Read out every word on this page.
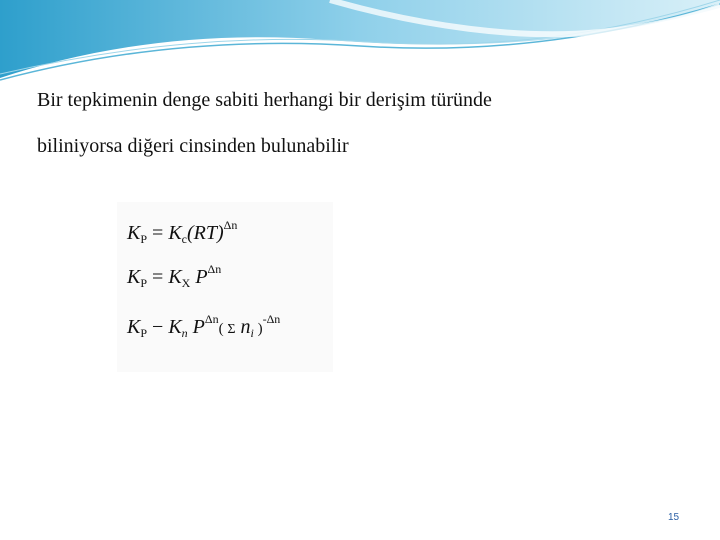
Bir tepkimenin denge sabiti herhangi bir derişim türünde
biliniyorsa diğeri cinsinden bulunabilir
$K_P = K_c(RT)^{\Delta n}$
$K_P = K_X$ $P^{\Delta n}$
$K_P - K_n$ $P^{\Delta n}$( Σ $n_i$ )$^{-\Delta n}$
15
